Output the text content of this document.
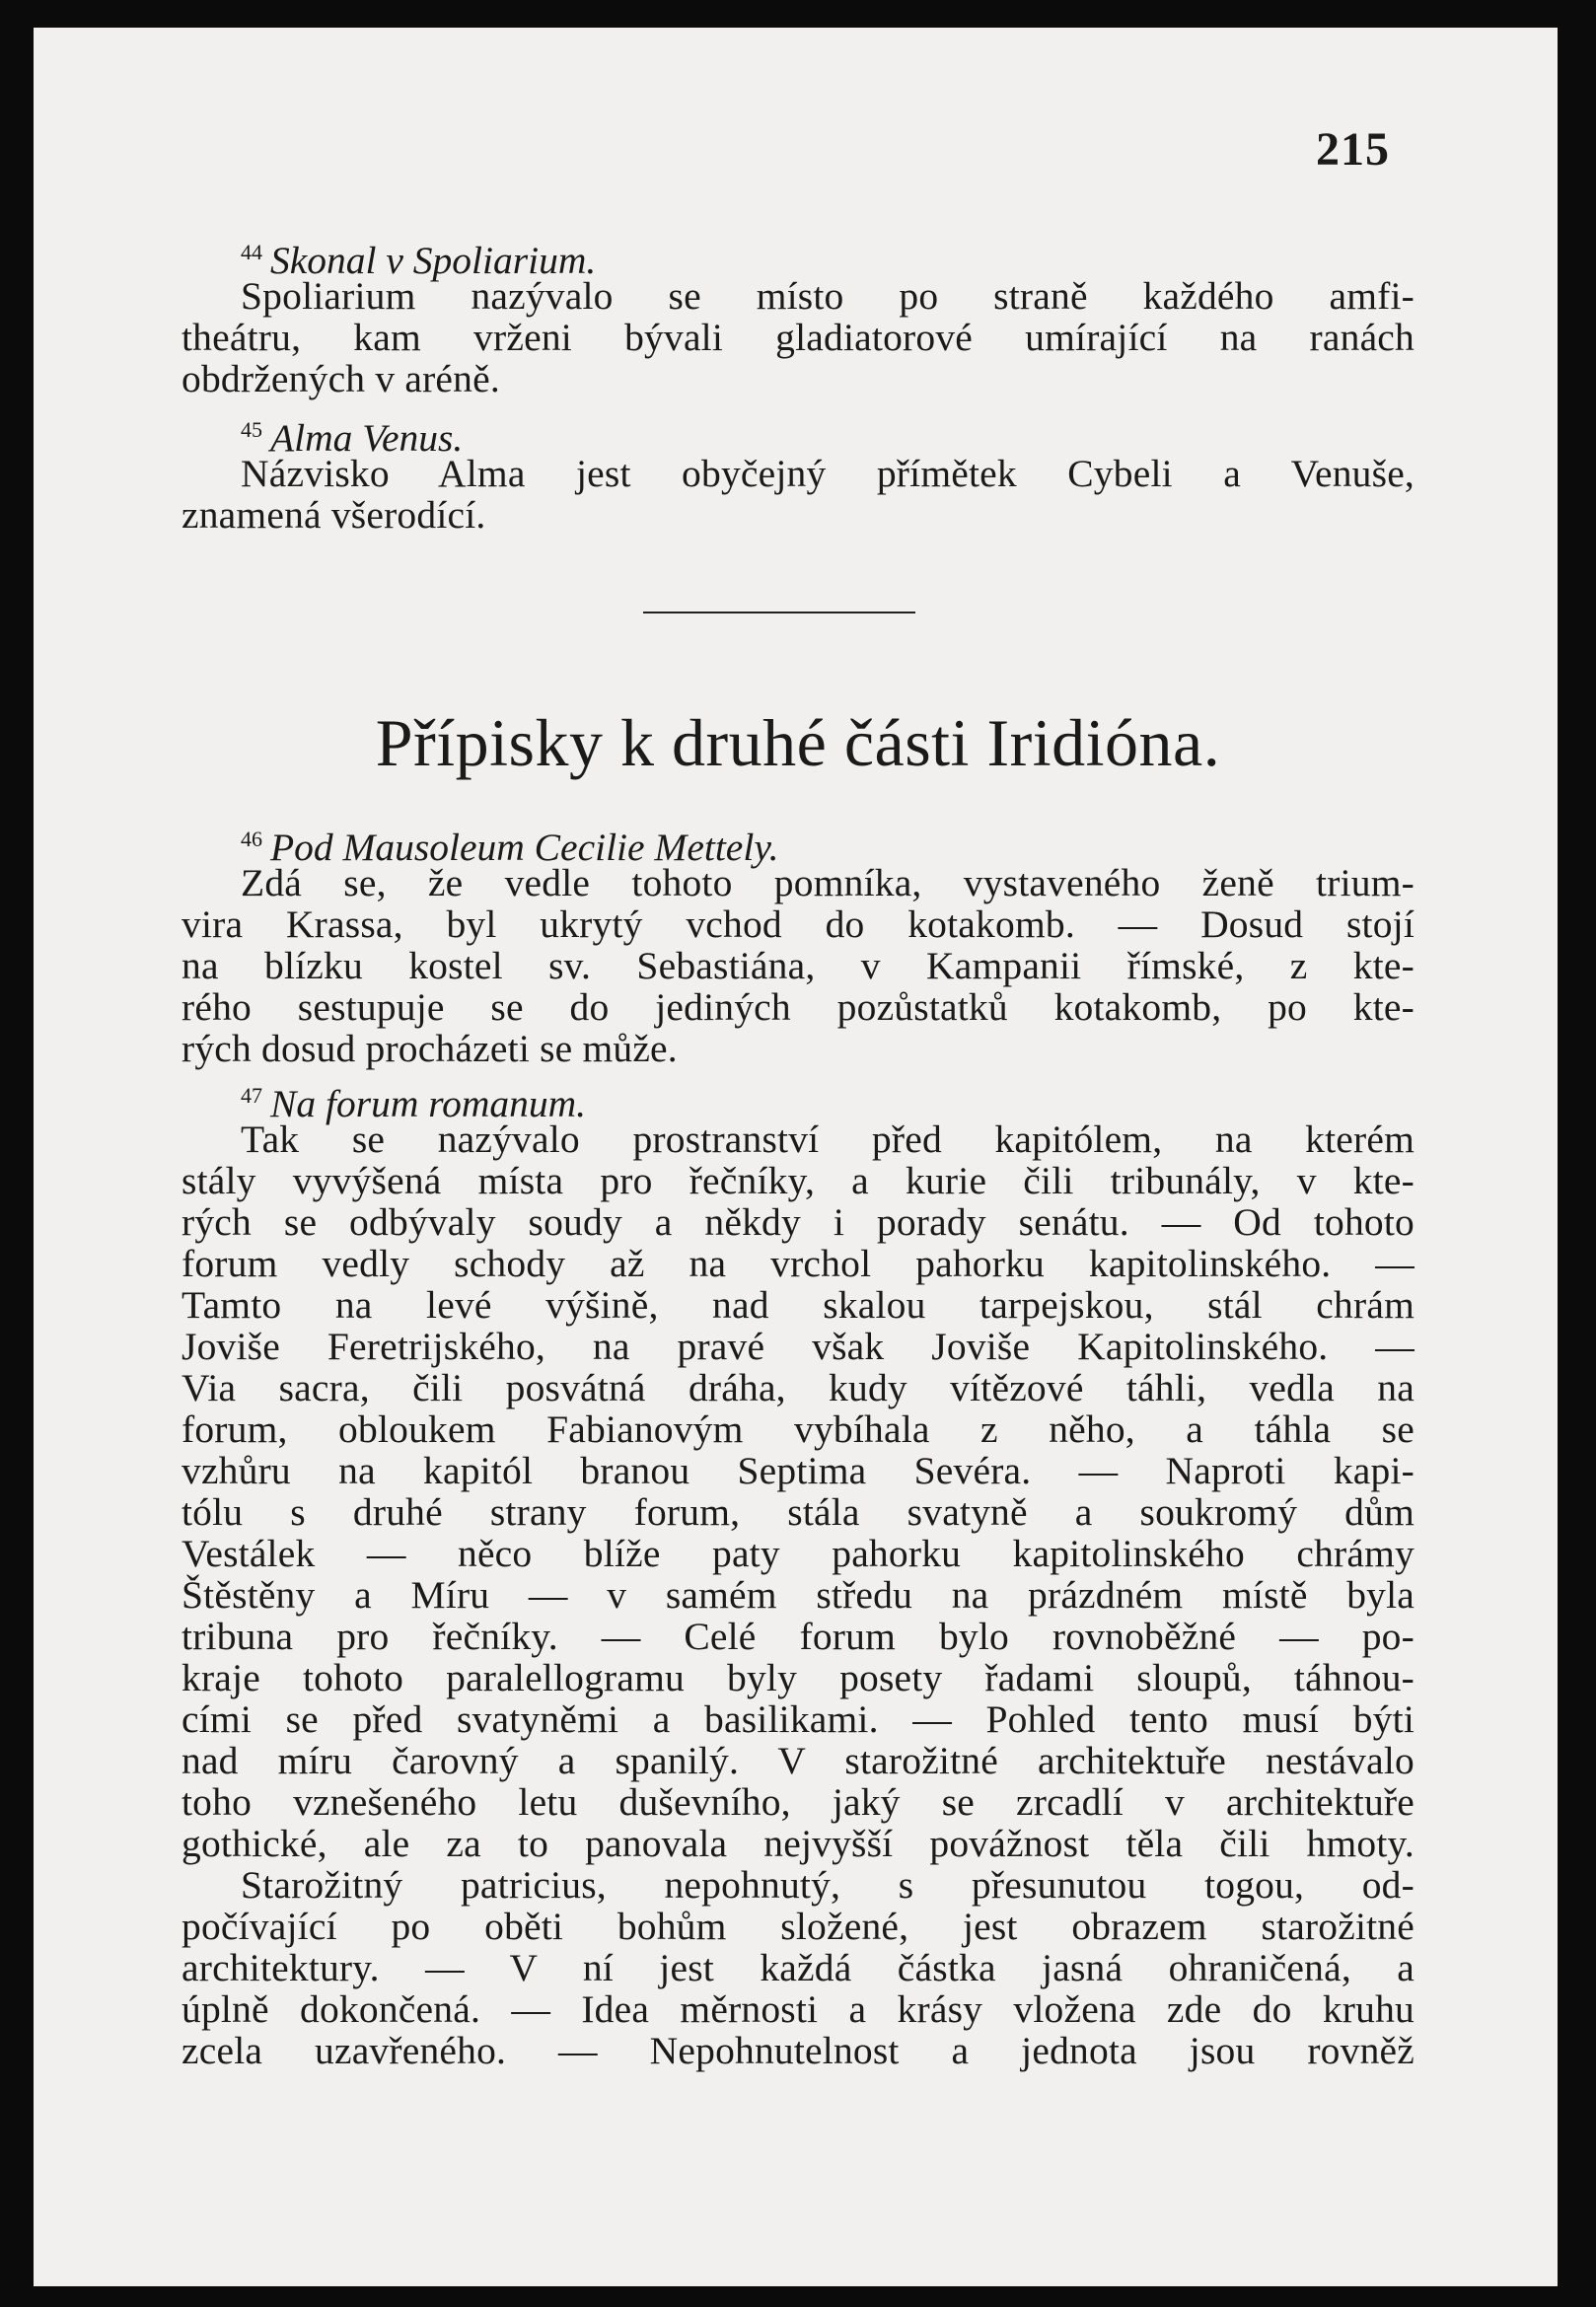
215
$^{44}$ Skonal v Spoliarium.
Spoliarium nazývalo se místo po straně každého amfi-
theátru, kam vrženi bývali gladiatorové umírající na ranách
obdržených v aréně.
$^{45}$ Alma Venus.
Názvisko Alma jest obyčejný přímětek Cybeli a Venuše,
znamená všerodící.
Přípisky k druhé části Iridióna.
$^{46}$ Pod Mausoleum Cecilie Mettely.
Zdá se, že vedle tohoto pomníka, vystaveného ženě trium-
vira Krassa, byl ukrytý vchod do kotakomb. — Dosud stojí
na blízku kostel sv. Sebastiána, v Kampanii římské, z kte-
rého sestupuje se do jediných pozůstatků kotakomb, po kte-
rých dosud procházeti se může.
$^{47}$ Na forum romanum.
Tak se nazývalo prostranství před kapitólem, na kterém
stály vyvýšená místa pro řečníky, a kurie čili tribunály, v kte-
rých se odbývaly soudy a někdy i porady senátu. — Od tohoto
forum vedly schody až na vrchol pahorku kapitolinského. —
Tamto na levé výšině, nad skalou tarpejskou, stál chrám
Joviše Feretrijského, na pravé však Joviše Kapitolinského. —
Via sacra, čili posvátná dráha, kudy vítězové táhli, vedla na
forum, obloukem Fabianovým vybíhala z něho, a táhla se
vzhůru na kapitól branou Septima Sevéra. — Naproti kapi-
tólu s druhé strany forum, stála svatyně a soukromý dům
Vestálek — něco blíže paty pahorku kapitolinského chrámy
Štěstěny a Míru — v samém středu na prázdném místě byla
tribuna pro řečníky. — Celé forum bylo rovnoběžné — po-
kraje tohoto paralellogramu byly posety řadami sloupů, táhnou-
cími se před svatyněmi a basilikami. — Pohled tento musí býti
nad míru čarovný a spanilý. V starožitné architektuře nestávalo
toho vznešeného letu duševního, jaký se zrcadlí v architektuře
gothické, ale za to panovala nejvyšší povážnost těla čili hmoty.
Starožitný patricius, nepohnutý, s přesunutou togou, od-
počívající po oběti bohům složené, jest obrazem starožitné
architektury. — V ní jest každá částka jasná ohraničená, a
úplně dokončená. — Idea měrnosti a krásy vložena zde do kruhu
zcela uzavřeného. — Nepohnutelnost a jednota jsou rovněž
